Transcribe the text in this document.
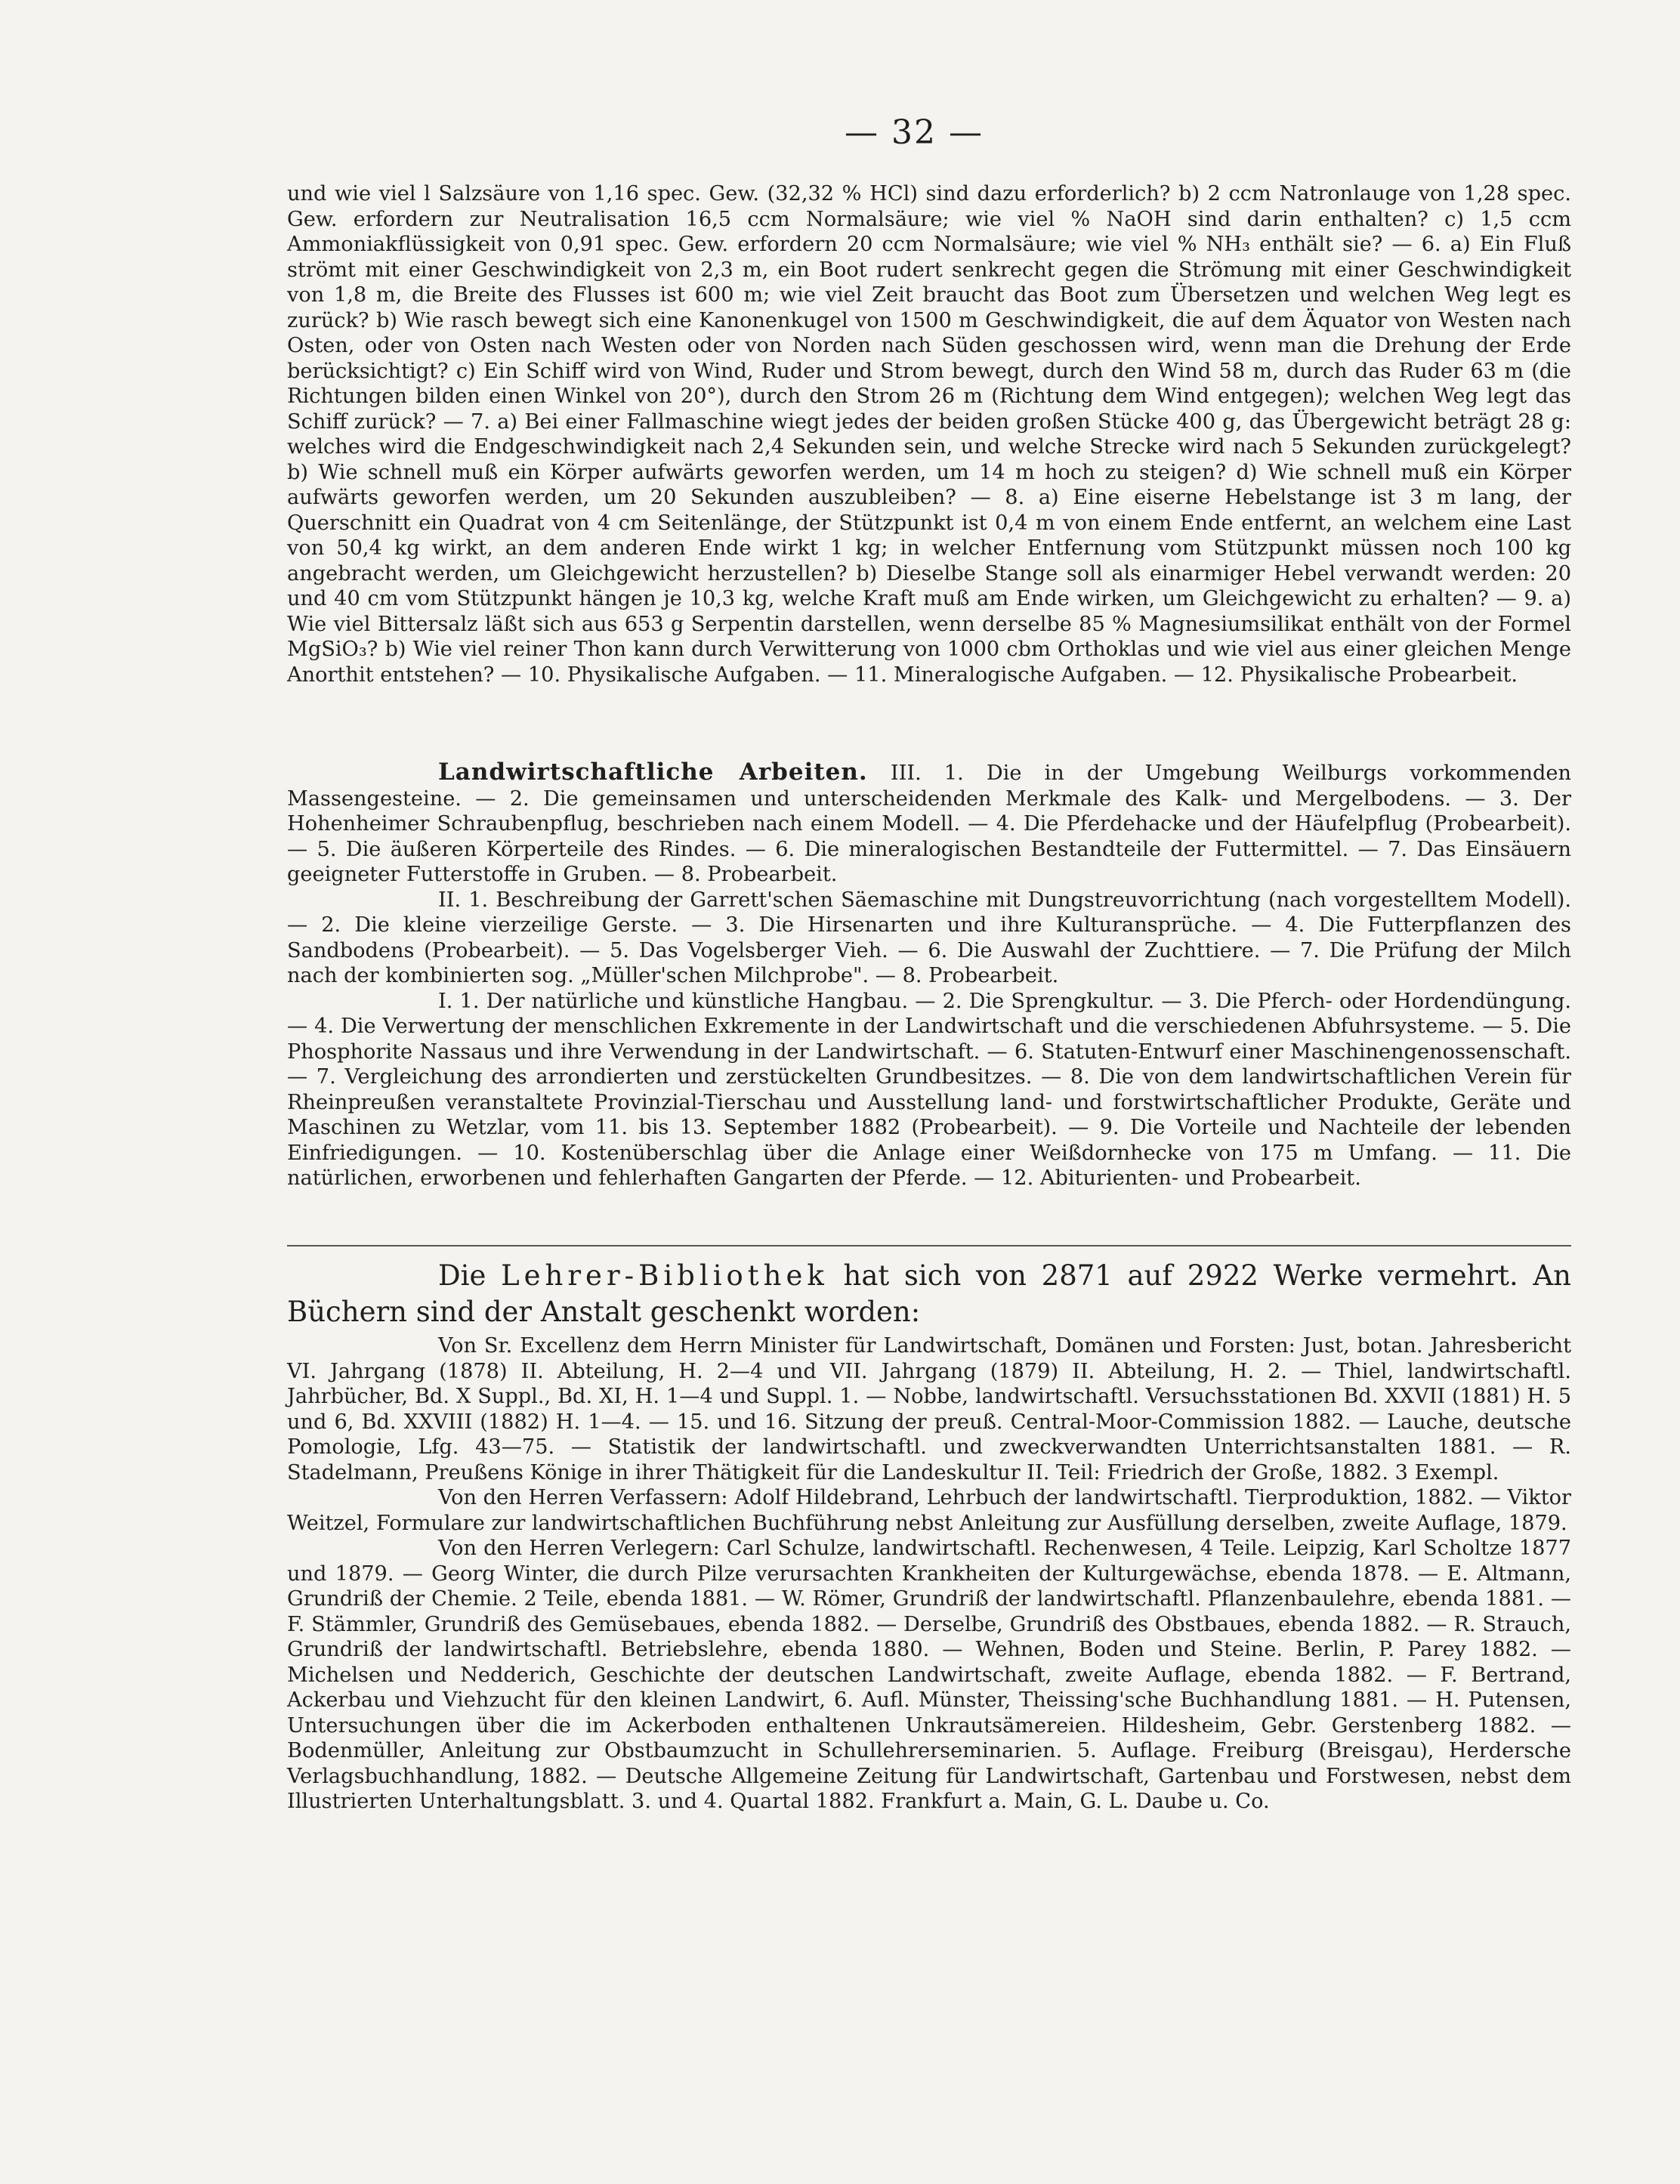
— 32 —

und wie viel l Salzsäure von 1,16 spec. Gew. (32,32 % HCl) sind dazu erforderlich? b) 2 ccm Natronlauge von 1,28 spec. Gew. erfordern zur Neutralisation 16,5 ccm Normalsäure; wie viel % NaOH sind darin enthalten? c) 1,5 ccm Ammoniakflüssigkeit von 0,91 spec. Gew. erfordern 20 ccm Normalsäure; wie viel % NH₃ enthält sie? — 6. a) Ein Fluß strömt mit einer Geschwindigkeit von 2,3 m, ein Boot rudert senkrecht gegen die Strömung mit einer Geschwindigkeit von 1,8 m, die Breite des Flusses ist 600 m; wie viel Zeit braucht das Boot zum Übersetzen und welchen Weg legt es zurück? b) Wie rasch bewegt sich eine Kanonenkugel von 1500 m Geschwindigkeit, die auf dem Äquator von Westen nach Osten, oder von Osten nach Westen oder von Norden nach Süden geschossen wird, wenn man die Drehung der Erde berücksichtigt? c) Ein Schiff wird von Wind, Ruder und Strom bewegt, durch den Wind 58 m, durch das Ruder 63 m (die Richtungen bilden einen Winkel von 20°), durch den Strom 26 m (Richtung dem Wind entgegen); welchen Weg legt das Schiff zurück? — 7. a) Bei einer Fallmaschine wiegt jedes der beiden großen Stücke 400 g, das Übergewicht beträgt 28 g: welches wird die Endgeschwindigkeit nach 2,4 Sekunden sein, und welche Strecke wird nach 5 Sekunden zurückgelegt? b) Wie schnell muß ein Körper aufwärts geworfen werden, um 14 m hoch zu steigen? d) Wie schnell muß ein Körper aufwärts geworfen werden, um 20 Sekunden auszubleiben? — 8. a) Eine eiserne Hebelstange ist 3 m lang, der Querschnitt ein Quadrat von 4 cm Seitenlänge, der Stützpunkt ist 0,4 m von einem Ende entfernt, an welchem eine Last von 50,4 kg wirkt, an dem anderen Ende wirkt 1 kg; in welcher Entfernung vom Stützpunkt müssen noch 100 kg angebracht werden, um Gleichgewicht herzustellen? b) Dieselbe Stange soll als einarmiger Hebel verwandt werden: 20 und 40 cm vom Stützpunkt hängen je 10,3 kg, welche Kraft muß am Ende wirken, um Gleichgewicht zu erhalten? — 9. a) Wie viel Bittersalz läßt sich aus 653 g Serpentin darstellen, wenn derselbe 85 % Magnesiumsilikat enthält von der Formel MgSiO₃? b) Wie viel reiner Thon kann durch Verwitterung von 1000 cbm Orthoklas und wie viel aus einer gleichen Menge Anorthit entstehen? — 10. Physikalische Aufgaben. — 11. Mineralogische Aufgaben. — 12. Physikalische Probearbeit.

Landwirtschaftliche Arbeiten. III. 1. Die in der Umgebung Weilburgs vorkommenden Massengesteine. — 2. Die gemeinsamen und unterscheidenden Merkmale des Kalk- und Mergelbodens. — 3. Der Hohenheimer Schraubenpflug, beschrieben nach einem Modell. — 4. Die Pferdehacke und der Häufelpflug (Probearbeit). — 5. Die äußeren Körperteile des Rindes. — 6. Die mineralogischen Bestandteile der Futtermittel. — 7. Das Einsäuern geeigneter Futterstoffe in Gruben. — 8. Probearbeit.

II. 1. Beschreibung der Garrett'schen Säemaschine mit Dungstreuvorrichtung (nach vorgestelltem Modell). — 2. Die kleine vierzeilige Gerste. — 3. Die Hirsenarten und ihre Kulturansprüche. — 4. Die Futterpflanzen des Sandbodens (Probearbeit). — 5. Das Vogelsberger Vieh. — 6. Die Auswahl der Zuchttiere. — 7. Die Prüfung der Milch nach der kombinierten sog. „Müller'schen Milchprobe". — 8. Probearbeit.

I. 1. Der natürliche und künstliche Hangbau. — 2. Die Sprengkultur. — 3. Die Pferch- oder Hordendüngung. — 4. Die Verwertung der menschlichen Exkremente in der Landwirtschaft und die verschiedenen Abfuhrsysteme. — 5. Die Phosphorite Nassaus und ihre Verwendung in der Landwirtschaft. — 6. Statuten-Entwurf einer Maschinengenossenschaft. — 7. Vergleichung des arrondierten und zerstückelten Grundbesitzes. — 8. Die von dem landwirtschaftlichen Verein für Rheinpreußen veranstaltete Provinzial-Tierschau und Ausstellung land- und forstwirtschaftlicher Produkte, Geräte und Maschinen zu Wetzlar, vom 11. bis 13. September 1882 (Probearbeit). — 9. Die Vorteile und Nachteile der lebenden Einfriedigungen. — 10. Kostenüberschlag über die Anlage einer Weißdornhecke von 175 m Umfang. — 11. Die natürlichen, erworbenen und fehlerhaften Gangarten der Pferde. — 12. Abiturienten- und Probearbeit.

Die Lehrer-Bibliothek hat sich von 2871 auf 2922 Werke vermehrt. An Büchern sind der Anstalt geschenkt worden:

Von Sr. Excellenz dem Herrn Minister für Landwirtschaft, Domänen und Forsten: Just, botan. Jahresbericht VI. Jahrgang (1878) II. Abteilung, H. 2—4 und VII. Jahrgang (1879) II. Abteilung, H. 2. — Thiel, landwirtschaftl. Jahrbücher, Bd. X Suppl., Bd. XI, H. 1—4 und Suppl. 1. — Nobbe, landwirtschaftl. Versuchsstationen Bd. XXVII (1881) H. 5 und 6, Bd. XXVIII (1882) H. 1—4. — 15. und 16. Sitzung der preuß. Central-Moor-Commission 1882. — Lauche, deutsche Pomologie, Lfg. 43—75. — Statistik der landwirtschaftl. und zweckverwandten Unterrichtsanstalten 1881. — R. Stadelmann, Preußens Könige in ihrer Thätigkeit für die Landeskultur II. Teil: Friedrich der Große, 1882. 3 Exempl.

Von den Herren Verfassern: Adolf Hildebrand, Lehrbuch der landwirtschaftl. Tierproduktion, 1882. — Viktor Weitzel, Formulare zur landwirtschaftlichen Buchführung nebst Anleitung zur Ausfüllung derselben, zweite Auflage, 1879.

Von den Herren Verlegern: Carl Schulze, landwirtschaftl. Rechenwesen, 4 Teile. Leipzig, Karl Scholtze 1877 und 1879. — Georg Winter, die durch Pilze verursachten Krankheiten der Kulturgewächse, ebenda 1878. — E. Altmann, Grundriß der Chemie. 2 Teile, ebenda 1881. — W. Römer, Grundriß der landwirtschaftl. Pflanzenbaulehre, ebenda 1881. — F. Stämmler, Grundriß des Gemüsebaues, ebenda 1882. — Derselbe, Grundriß des Obstbaues, ebenda 1882. — R. Strauch, Grundriß der landwirtschaftl. Betriebslehre, ebenda 1880. — Wehnen, Boden und Steine. Berlin, P. Parey 1882. — Michelsen und Nedderich, Geschichte der deutschen Landwirtschaft, zweite Auflage, ebenda 1882. — F. Bertrand, Ackerbau und Viehzucht für den kleinen Landwirt, 6. Aufl. Münster, Theissing'sche Buchhandlung 1881. — H. Putensen, Untersuchungen über die im Ackerboden enthaltenen Unkrautsämereien. Hildesheim, Gebr. Gerstenberg 1882. — Bodenmüller, Anleitung zur Obstbaumzucht in Schullehrerseminarien. 5. Auflage. Freiburg (Breisgau), Herdersche Verlagsbuchhandlung, 1882. — Deutsche Allgemeine Zeitung für Landwirtschaft, Gartenbau und Forstwesen, nebst dem Illustrierten Unterhaltungsblatt. 3. und 4. Quartal 1882. Frankfurt a. Main, G. L. Daube u. Co.
